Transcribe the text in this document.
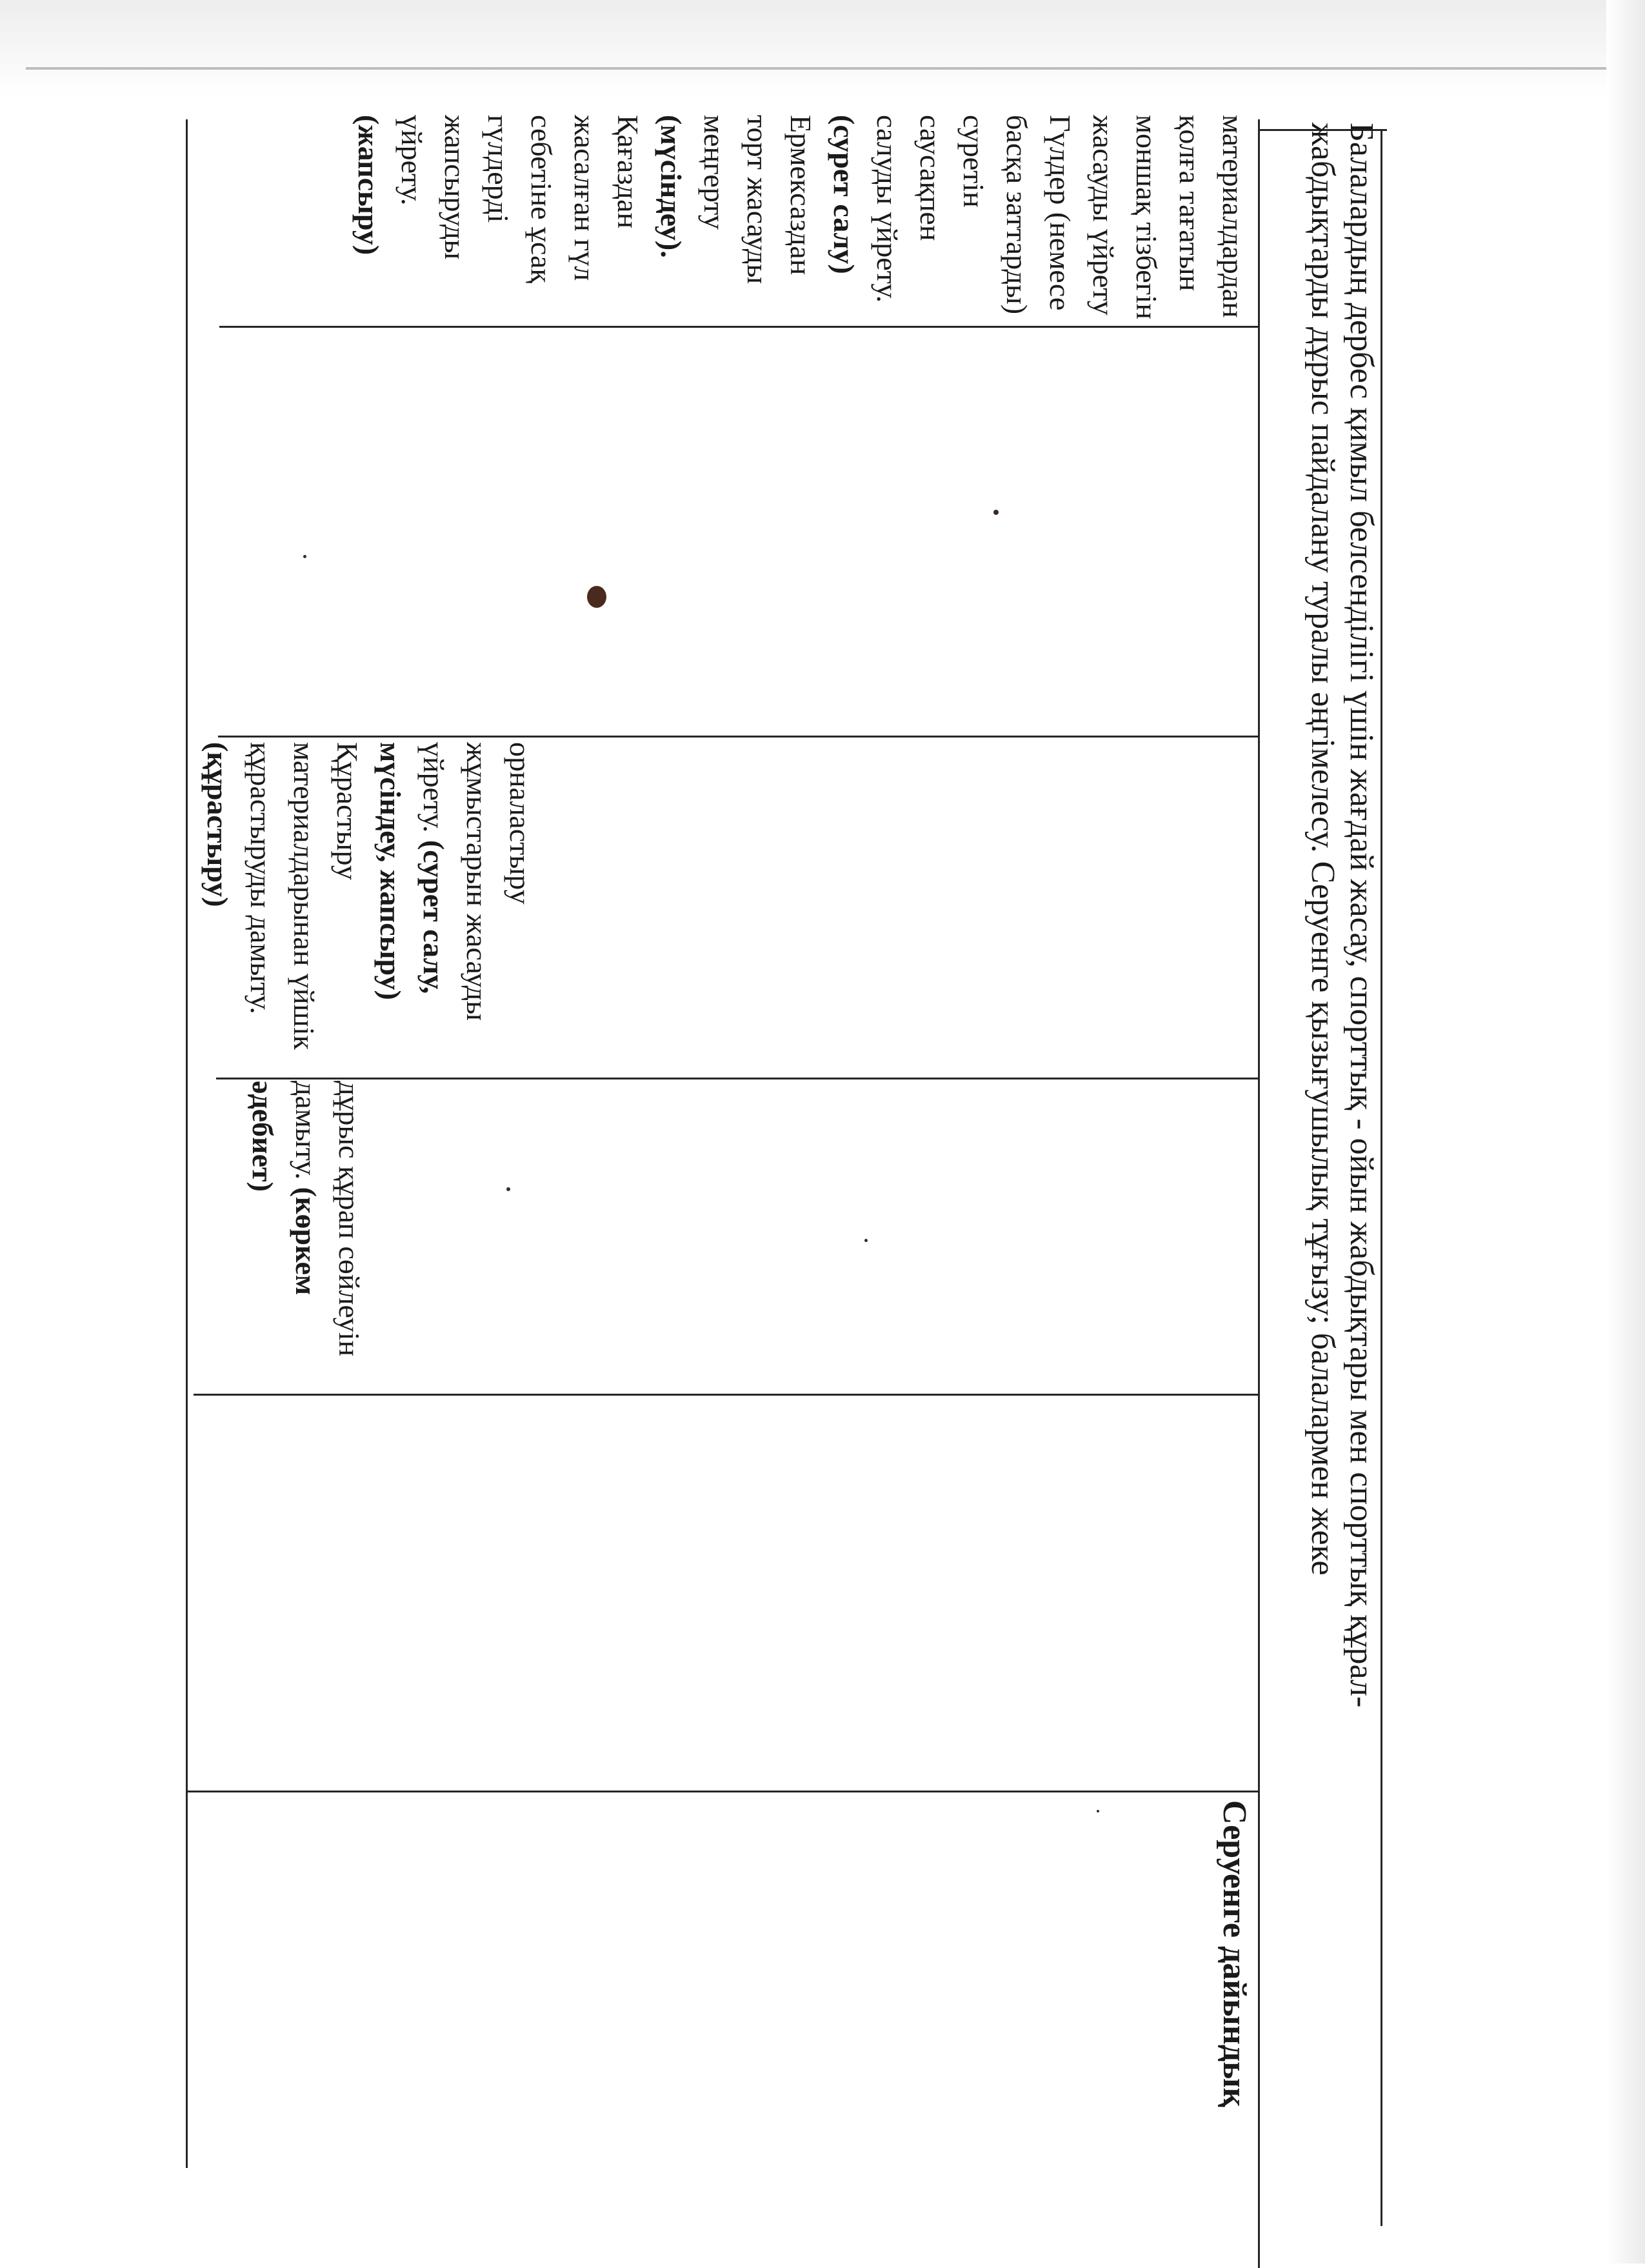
Серуенге дайындық

дұрыс құрап сөйлеуін дамыту. (көркем әдебиет)

орналастыру жұмыстарын жасауды үйрету. (сурет салу, мүсіндеу, жапсыру)

Құрастыру материалдарынан үйшік құрастыруды дамыту. (құрастыру)

материалдардан қолға тағатын моншақ тізбегін жасауды үйрету

Гүлдер (немесе басқа заттарды) суретін саусақпен салуды үйрету. (сурет салу)

Ермексаздан торт жасауды меңгерту (мүсіндеу).

Қағаздан жасалған гүл себетіне ұсақ гүлдерді жапсыруды үйрету. (жапсыру)	Балалардың дербес қимыл белсенділігі үшін жағдай жасау, спорттық - ойын жабдықтары мен спорттық құрал-жабдықтарды дұрыс пайдалану туралы әңгімелесу. Серуенге қызығушылық тұғызу; балалармен жеке
